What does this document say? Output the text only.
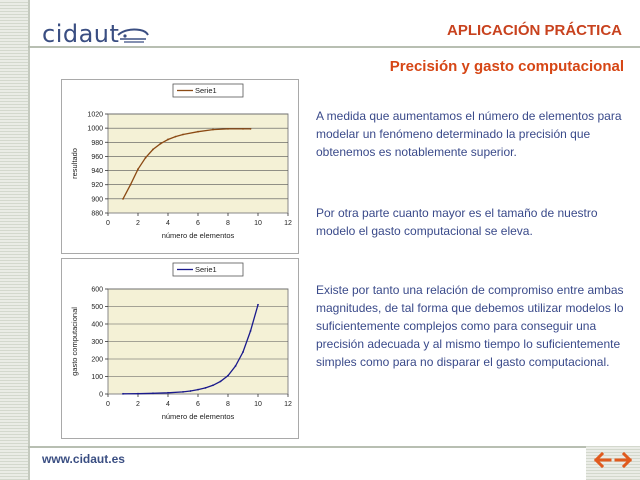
cidaut	APLICACIÓN PRÁCTICA
Precisión y gasto computacional
880
900
920
940
960
980
1000
1020
0	2	4	6	8	10	12
número de elementos
resultado
Serie1
0
100
200
300
400
500
600
0	2	4	6	8	10	12
número de elementos
gasto computacional
Serie1

A medida que aumentamos el número de elementos para modelar un fenómeno determinado la precisión que obtenemos es notablemente superior.

Por otra parte cuanto mayor es el tamaño de nuestro modelo el gasto computacional se eleva.

Existe por tanto una relación de compromiso entre ambas magnitudes, de tal forma que debemos utilizar modelos lo suficientemente complejos como para conseguir una precisión adecuada y al mismo tiempo lo suficientemente simples como para no disparar el gasto computacional.

www.cidaut.es
